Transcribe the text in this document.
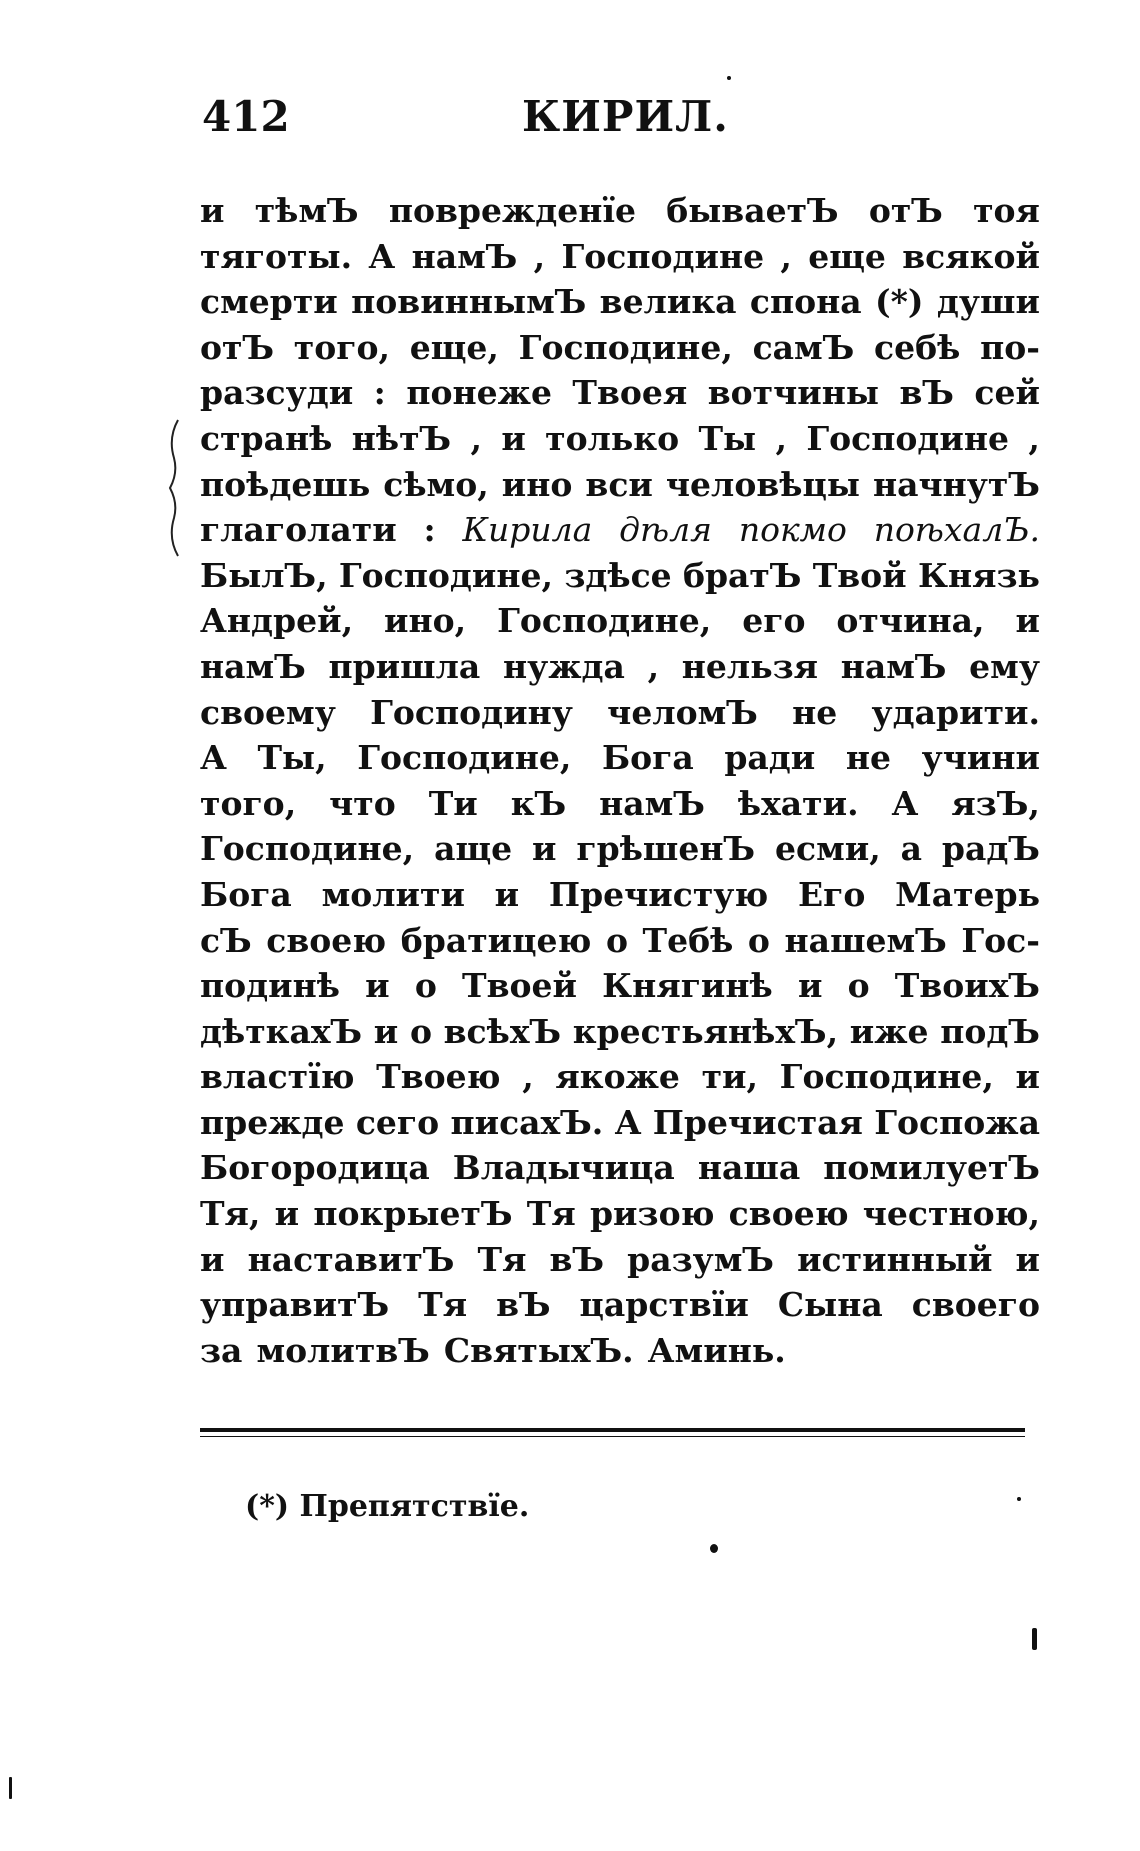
412	КИРИЛ.
и тѣмЪ поврежденїе бываетЪ отЪ тоя
тяготы. А намЪ , Господине , еще всякой
смерти повиннымЪ велика спона (*) души
отЪ того, еще, Господине, самЪ себѣ по-
разсуди : понеже Твоея вотчины вЪ сей
странѣ нѣтЪ , и только Ты , Господине ,
поѣдешь сѣмо, ино вси человѣцы начнутЪ
глаголати : Кирила дѣля покмо поѣхалЪ.
БылЪ, Господине, здѣсе братЪ Твой Князь
Андрей, ино, Господине, его отчина, и
намЪ пришла нужда , нельзя намЪ ему
своему Господину челомЪ не ударити.
А Ты, Господине, Бога ради не учини
того, что Ти кЪ намЪ ѣхати. А язЪ,
Господине, аще и грѣшенЪ есми, а радЪ
Бога молити и Пречистую Его Матерь
сЪ своею братицею о Тебѣ о нашемЪ Гос-
подинѣ и о Твоей Княгинѣ и о ТвоихЪ
дѣткахЪ и о всѣхЪ крестьянѣхЪ, иже подЪ
властїю Твоею , якоже ти, Господине, и
прежде сего писахЪ. А Пречистая Госпожа
Богородица Владычица наша помилуетЪ
Тя, и покрыетЪ Тя ризою своею честною,
и наставитЪ Тя вЪ разумЪ истинный и
управитЪ Тя вЪ царствїи Сына своего
за молитвЪ СвятыхЪ. Аминь.
(*) Препятствїе.
